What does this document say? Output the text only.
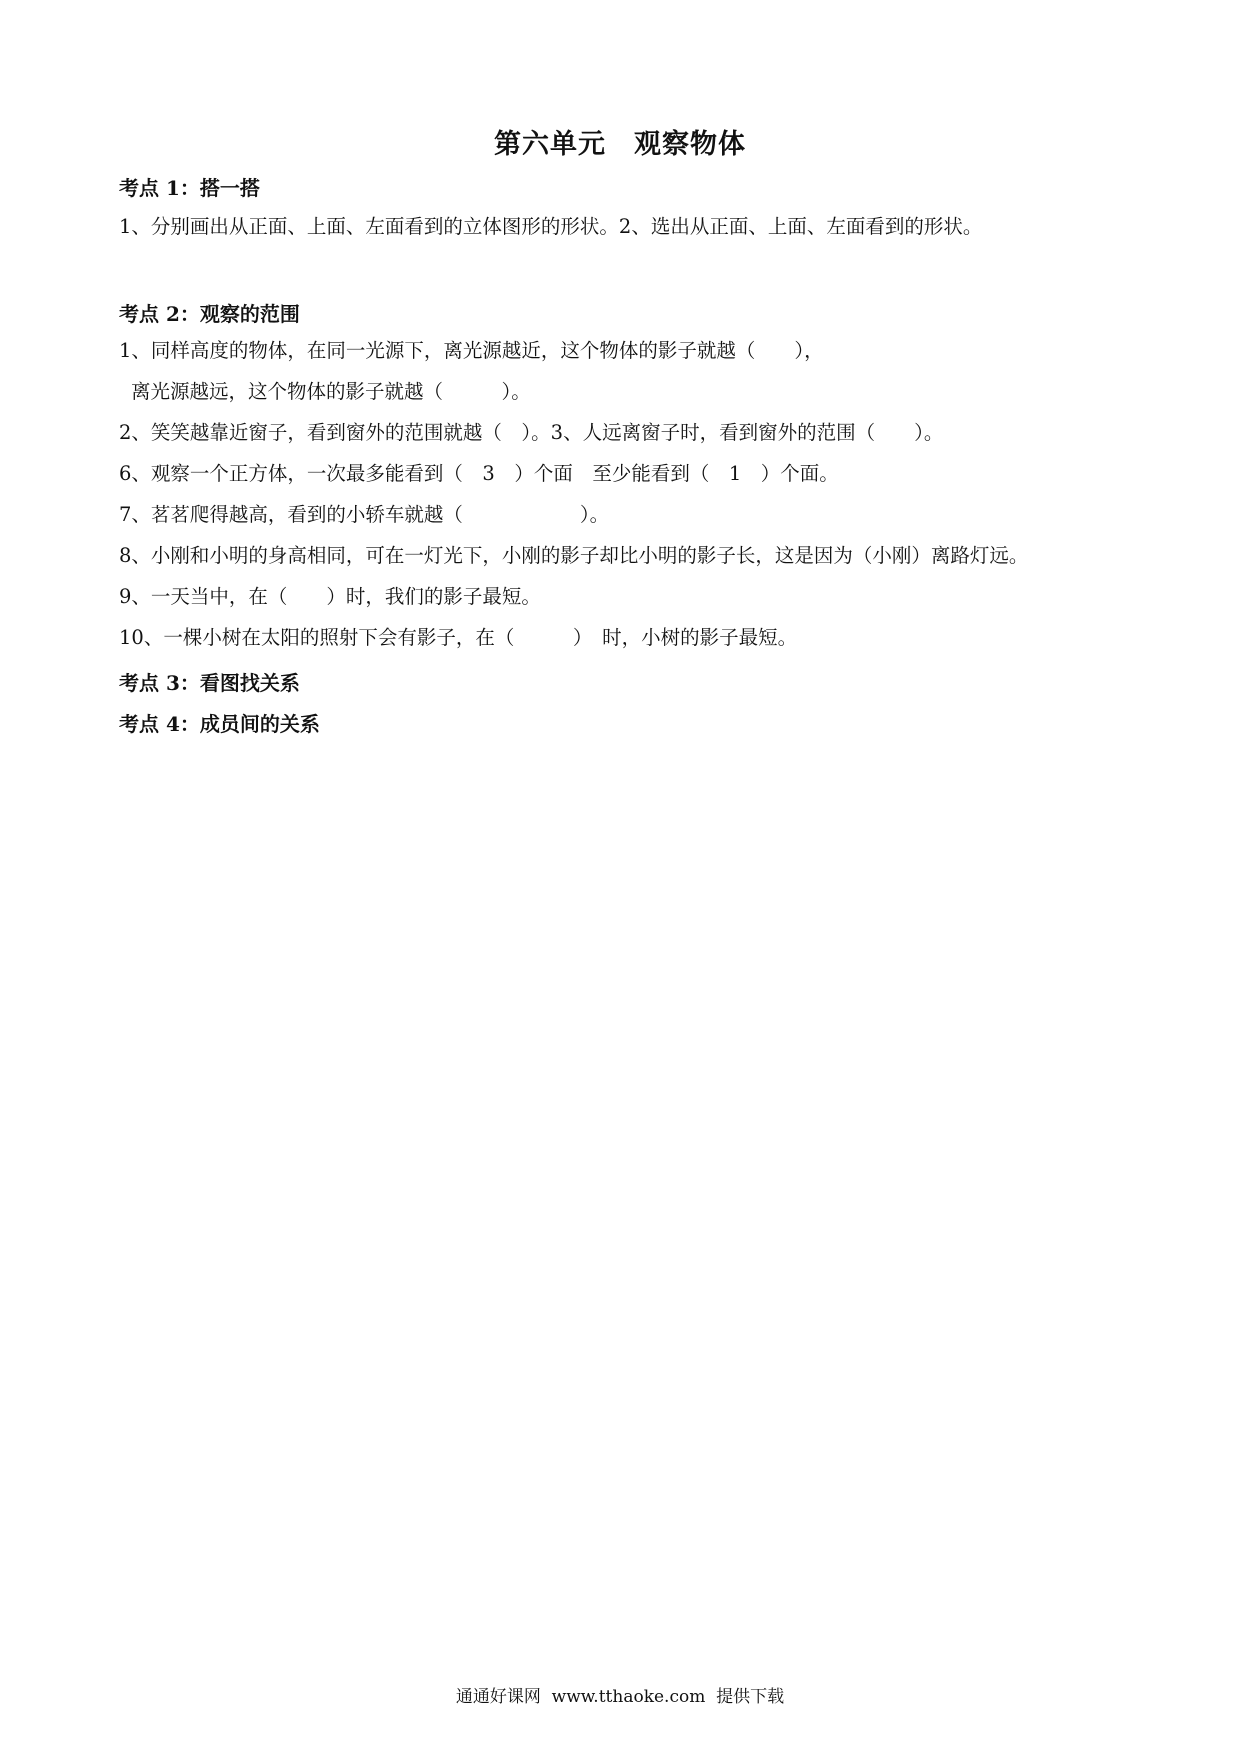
第六单元　观察物体
考点 1：搭一搭
1、分别画出从正面、上面、左面看到的立体图形的形状。2、选出从正面、上面、左面看到的形状。
考点 2：观察的范围
1、同样高度的物体，在同一光源下，离光源越近，这个物体的影子就越（　　），
离光源越远，这个物体的影子就越（　　　）。
2、笑笑越靠近窗子，看到窗外的范围就越（　）。3、人远离窗子时，看到窗外的范围（　　）。
6、观察一个正方体，一次最多能看到（　3　）个面　至少能看到（　1　）个面。
7、茗茗爬得越高，看到的小轿车就越（　　　　　　）。
8、小刚和小明的身高相同，可在一灯光下，小刚的影子却比小明的影子长，这是因为（小刚）离路灯远。
9、一天当中，在（　　）时，我们的影子最短。
10、一棵小树在太阳的照射下会有影子，在（　　　）　时，小树的影子最短。
考点 3：看图找关系
考点 4：成员间的关系
通通好课网  www.tthaoke.com  提供下载
